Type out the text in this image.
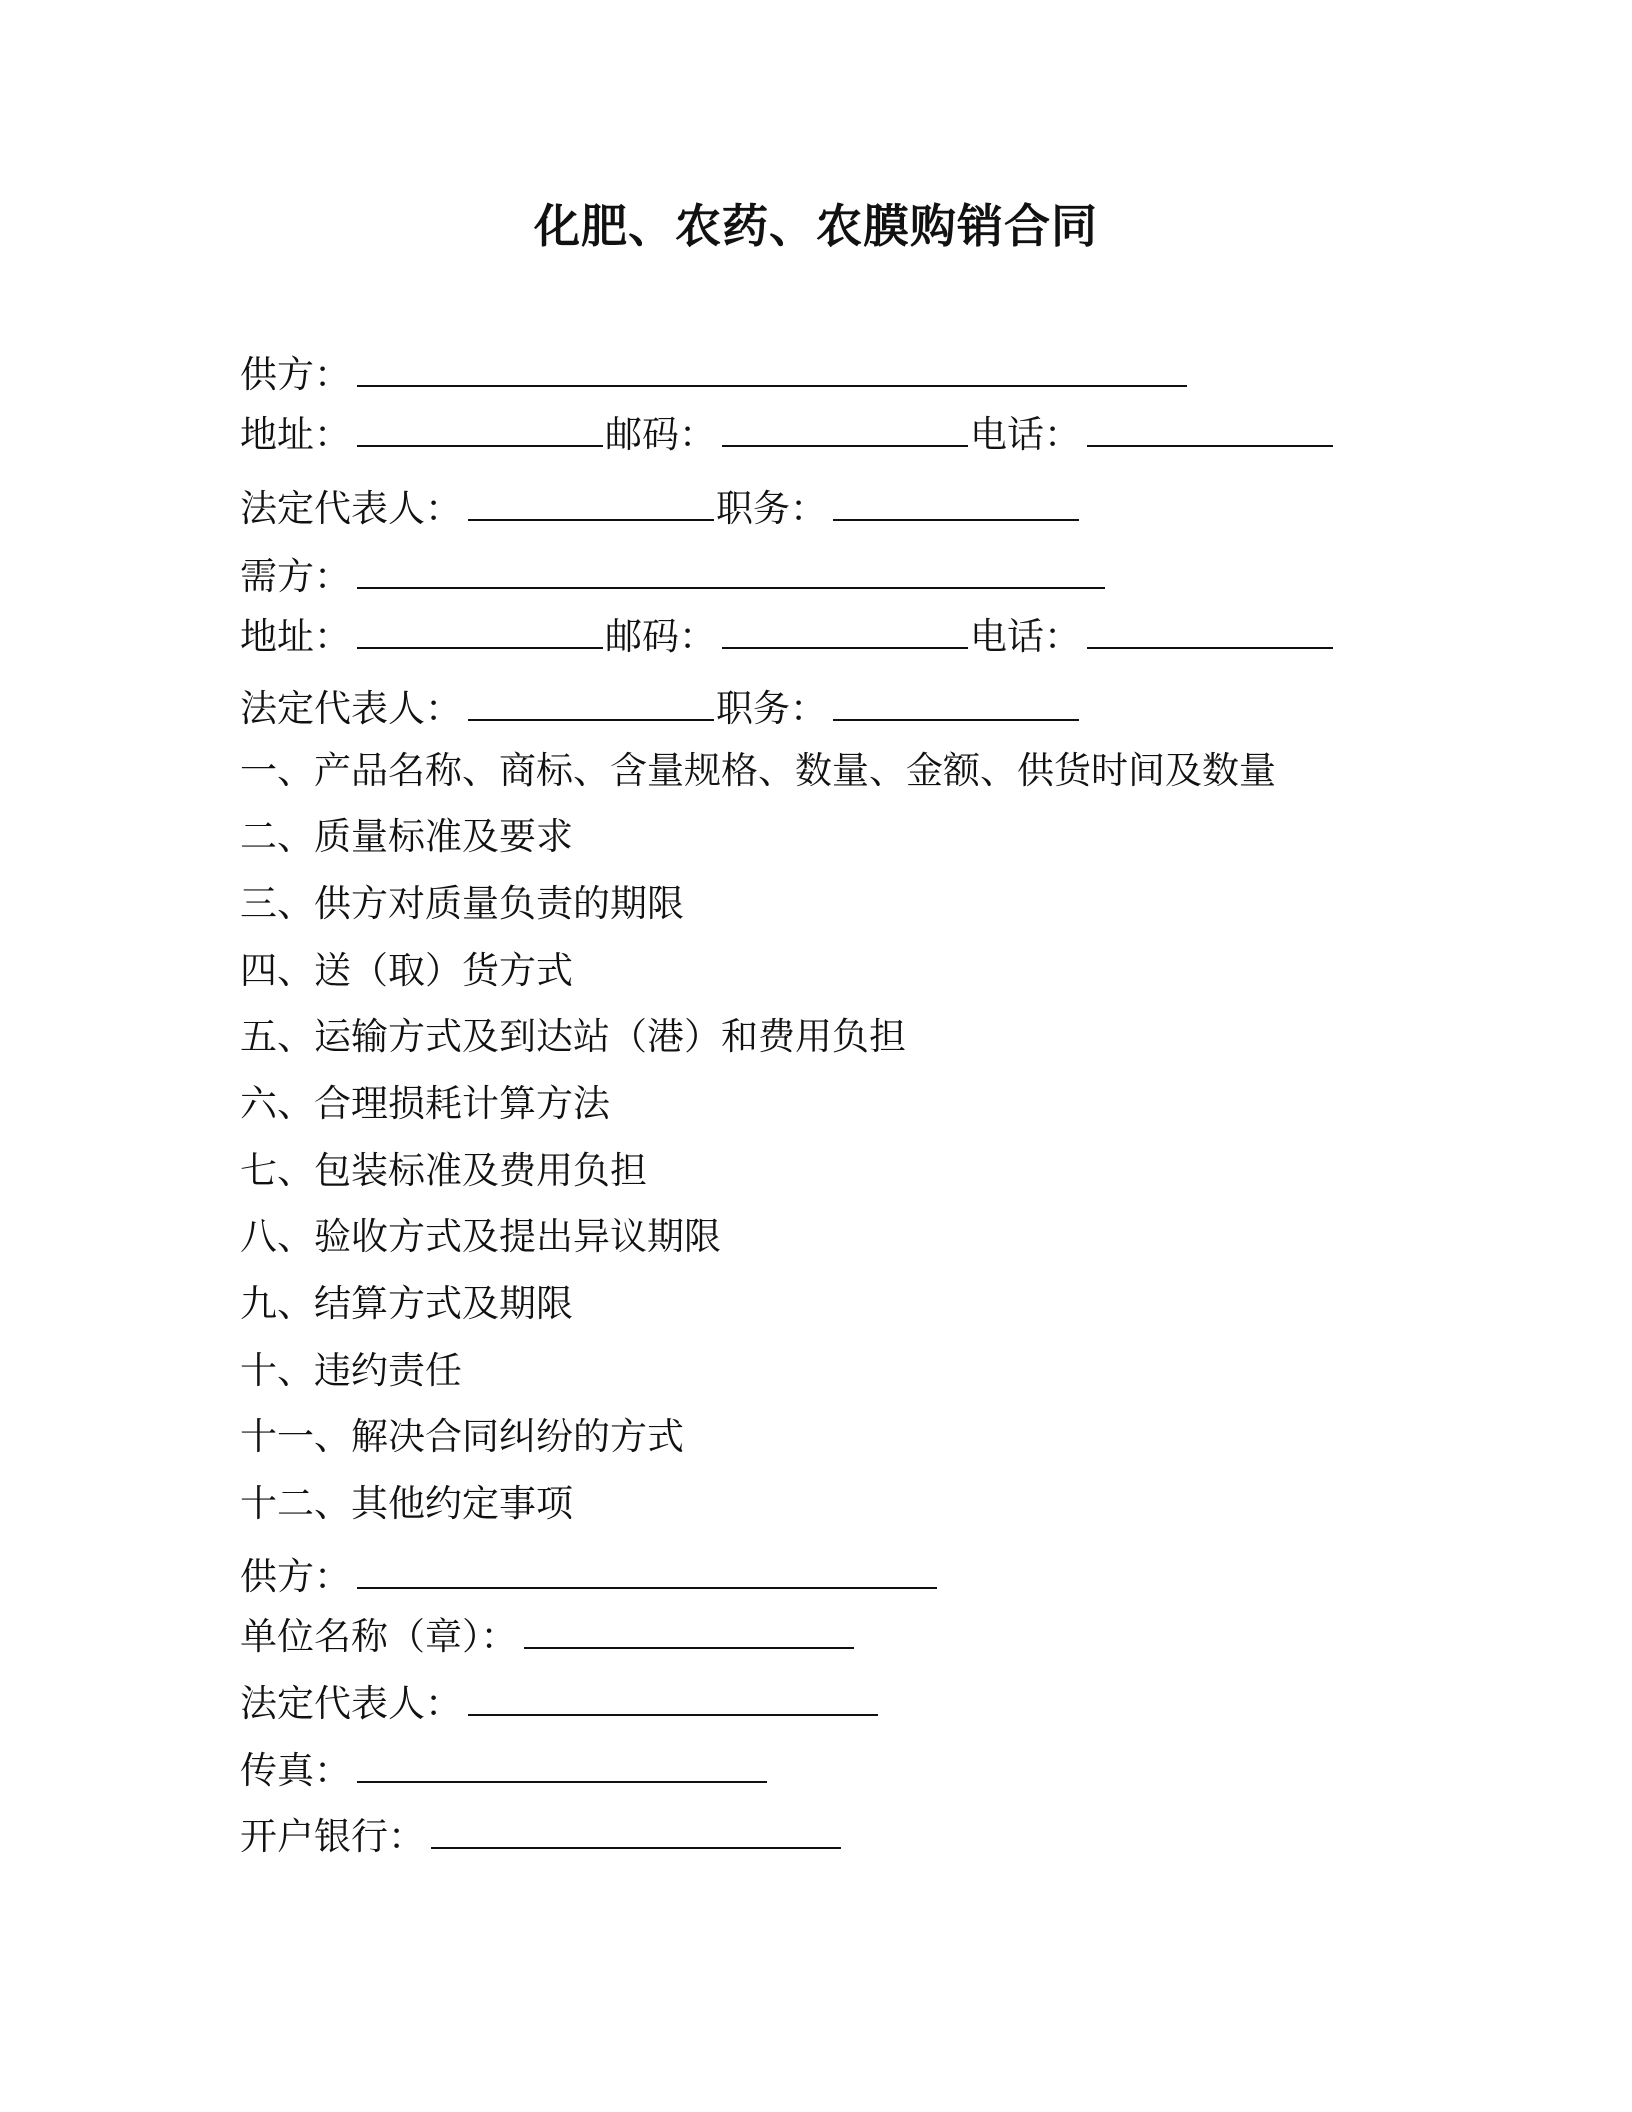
化肥、农药、农膜购销合同
供方：
地址：	邮码：	电话：
法定代表人：	职务：
需方：
地址：	邮码：	电话：
法定代表人：	职务：
一、产品名称、商标、含量规格、数量、金额、供货时间及数量
二、质量标准及要求
三、供方对质量负责的期限
四、送（取）货方式
五、运输方式及到达站（港）和费用负担
六、合理损耗计算方法
七、包装标准及费用负担
八、验收方式及提出异议期限
九、结算方式及期限
十、违约责任
十一、解决合同纠纷的方式
十二、其他约定事项
供方：
单位名称（章）：
法定代表人：
传真：
开户银行：
